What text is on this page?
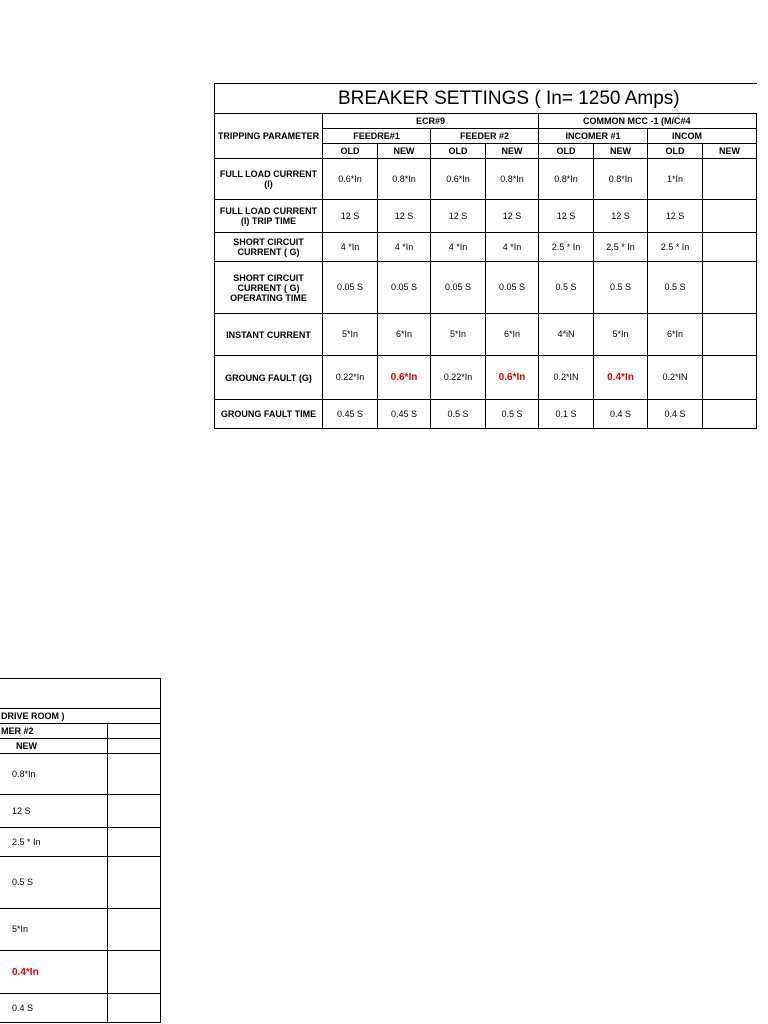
BREAKER SETTINGS ( In= 1250 Amps)								
TRIPPING PARAMETER	ECR#9				COMMON MCC -1 (M/C#4			
	FEEDRE#1		FEEDER #2		INCOMER #1		INCOM	
	OLD	NEW	OLD	NEW	OLD	NEW	OLD	NEW
FULL LOAD CURRENT (I)	0.6*In	0.8*In	0.6*In	0.8*In	0.8*In	0.8*In	1*In	
FULL LOAD CURRENT (I) TRIP TIME	12 S	12 S	12 S	12 S	12 S	12 S	12 S	
SHORT CIRCUIT CURRENT ( G)	4 *In	4 *In	4 *In	4 *In	2.5 * In	2.5 * In	2.5 * In	
SHORT CIRCUIT CURRENT ( G) OPERATING TIME	0.05 S	0.05 S	0.05 S	0.05 S	0.5 S	0.5 S	0.5 S	
INSTANT CURRENT	5*In	6*In	5*In	6*In	4*iN	5*In	6*In	
GROUNG FAULT (G)	0.22*In	0.6*In	0.22*In	0.6*In	0.2*IN	0.4*In	0.2*IN	
GROUNG FAULT TIME	0.45 S	0.45 S	0.5 S	0.5 S	0.1 S	0.4 S	0.4 S	

DRIVE ROOM )	
MER #2	
NEW	
0.8*In	
12 S	
2.5 * In	
0.5 S	
5*In	
0.4*In	
0.4 S	
